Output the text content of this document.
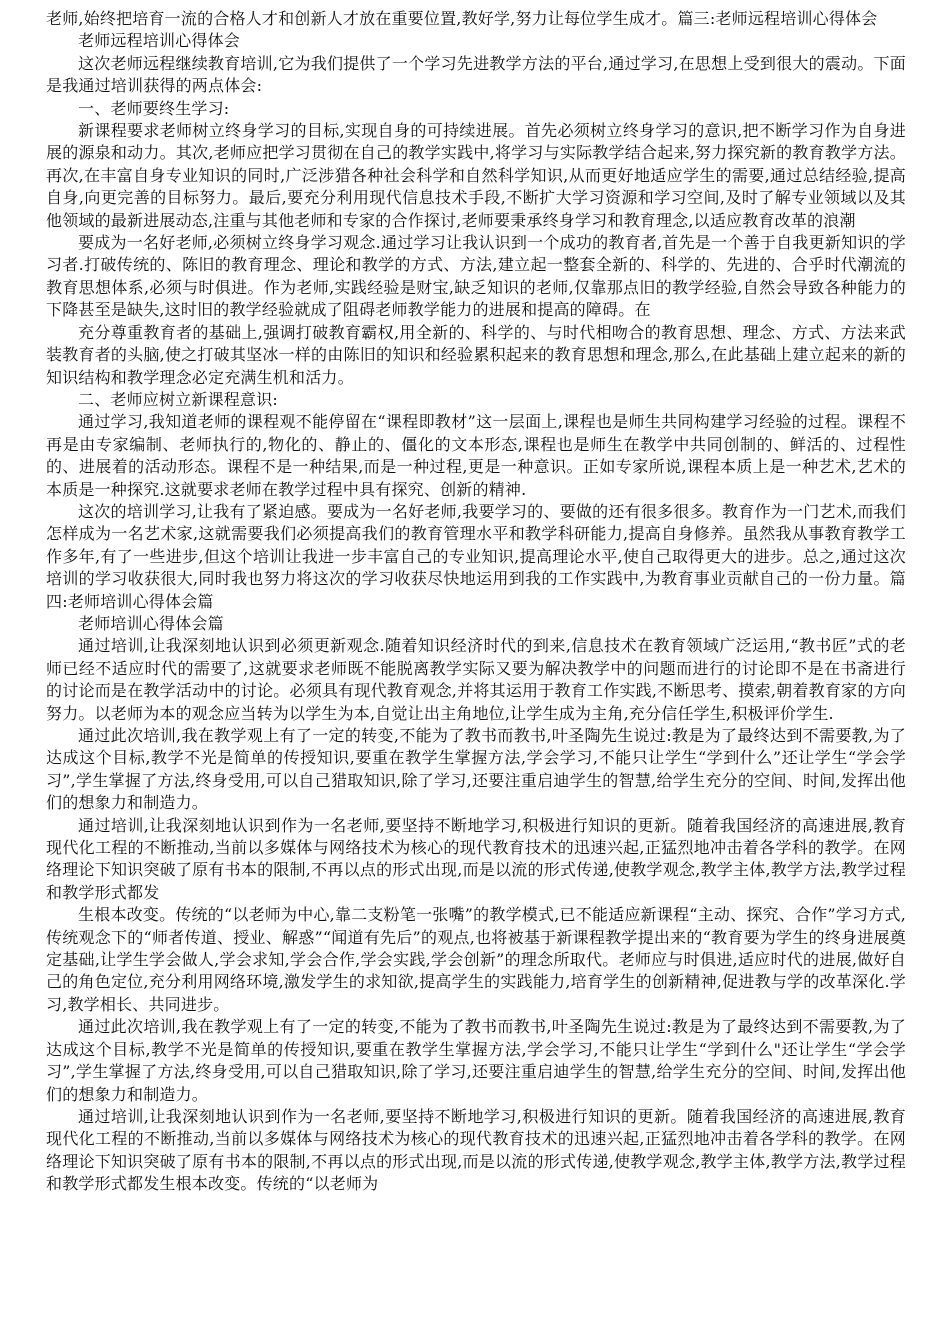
老师,始终把培育一流的合格人才和创新人才放在重要位置,教好学,努力让每位学生成才。篇三:老师远程培训心得体会

老师远程培训心得体会

这次老师远程继续教育培训,它为我们提供了一个学习先进教学方法的平台,通过学习,在思想上受到很大的震动。下面是我通过培训获得的两点体会:

一、老师要终生学习:

新课程要求老师树立终身学习的目标,实现自身的可持续进展。首先必须树立终身学习的意识,把不断学习作为自身进展的源泉和动力。其次,老师应把学习贯彻在自己的教学实践中,将学习与实际教学结合起来,努力探究新的教育教学方法。再次,在丰富自身专业知识的同时,广泛涉猎各种社会科学和自然科学知识,从而更好地适应学生的需要,通过总结经验,提高自身,向更完善的目标努力。最后,要充分利用现代信息技术手段,不断扩大学习资源和学习空间,及时了解专业领域以及其他领域的最新进展动态,注重与其他老师和专家的合作探讨,老师要秉承终身学习和教育理念,以适应教育改革的浪潮

要成为一名好老师,必须树立终身学习观念.通过学习让我认识到一个成功的教育者,首先是一个善于自我更新知识的学习者.打破传统的、陈旧的教育理念、理论和教学的方式、方法,建立起一整套全新的、科学的、先进的、合乎时代潮流的教育思想体系,必须与时俱进。作为老师,实践经验是财宝,缺乏知识的老师,仅靠那点旧的教学经验,自然会导致各种能力的下降甚至是缺失,这时旧的教学经验就成了阻碍老师教学能力的进展和提高的障碍。在

充分尊重教育者的基础上,强调打破教育霸权,用全新的、科学的、与时代相吻合的教育思想、理念、方式、方法来武装教育者的头脑,使之打破其坚冰一样的由陈旧的知识和经验累积起来的教育思想和理念,那么,在此基础上建立起来的新的知识结构和教学理念必定充满生机和活力。

二、老师应树立新课程意识:

通过学习,我知道老师的课程观不能停留在“课程即教材”这一层面上,课程也是师生共同构建学习经验的过程。课程不再是由专家编制、老师执行的,物化的、静止的、僵化的文本形态,课程也是师生在教学中共同创制的、鲜活的、过程性的、进展着的活动形态。课程不是一种结果,而是一种过程,更是一种意识。正如专家所说,课程本质上是一种艺术,艺术的本质是一种探究.这就要求老师在教学过程中具有探究、创新的精神.

这次的培训学习,让我有了紧迫感。要成为一名好老师,我要学习的、要做的还有很多很多。教育作为一门艺术,而我们怎样成为一名艺术家,这就需要我们必须提高我们的教育管理水平和教学科研能力,提高自身修养。虽然我从事教育教学工作多年,有了一些进步,但这个培训让我进一步丰富自己的专业知识,提高理论水平,使自己取得更大的进步。总之,通过这次培训的学习收获很大,同时我也努力将这次的学习收获尽快地运用到我的工作实践中,为教育事业贡献自己的一份力量。篇四:老师培训心得体会篇

老师培训心得体会篇

通过培训,让我深刻地认识到必须更新观念.随着知识经济时代的到来,信息技术在教育领域广泛运用,“教书匠”式的老师已经不适应时代的需要了,这就要求老师既不能脱离教学实际又要为解决教学中的问题而进行的讨论即不是在书斋进行的讨论而是在教学活动中的讨论。必须具有现代教育观念,并将其运用于教育工作实践,不断思考、摸索,朝着教育家的方向努力。以老师为本的观念应当转为以学生为本,自觉让出主角地位,让学生成为主角,充分信任学生,积极评价学生.

通过此次培训,我在教学观上有了一定的转变,不能为了教书而教书,叶圣陶先生说过:教是为了最终达到不需要教,为了达成这个目标,教学不光是简单的传授知识,要重在教学生掌握方法,学会学习,不能只让学生“学到什么”还让学生“学会学习”,学生掌握了方法,终身受用,可以自己猎取知识,除了学习,还要注重启迪学生的智慧,给学生充分的空间、时间,发挥出他们的想象力和制造力。

通过培训,让我深刻地认识到作为一名老师,要坚持不断地学习,积极进行知识的更新。随着我国经济的高速进展,教育现代化工程的不断推动,当前以多媒体与网络技术为核心的现代教育技术的迅速兴起,正猛烈地冲击着各学科的教学。在网络理论下知识突破了原有书本的限制,不再以点的形式出现,而是以流的形式传递,使教学观念,教学主体,教学方法,教学过程和教学形式都发

生根本改变。传统的“以老师为中心,靠二支粉笔一张嘴”的教学模式,已不能适应新课程“主动、探究、合作”学习方式,传统观念下的“师者传道、授业、解惑”“闻道有先后”的观点,也将被基于新课程教学提出来的“教育要为学生的终身进展奠定基础,让学生学会做人,学会求知,学会合作,学会实践,学会创新”的理念所取代。老师应与时俱进,适应时代的进展,做好自己的角色定位,充分利用网络环境,激发学生的求知欲,提高学生的实践能力,培育学生的创新精神,促进教与学的改革深化.学习,教学相长、共同进步。

通过此次培训,我在教学观上有了一定的转变,不能为了教书而教书,叶圣陶先生说过:教是为了最终达到不需要教,为了达成这个目标,教学不光是简单的传授知识,要重在教学生掌握方法,学会学习,不能只让学生“学到什么"还让学生“学会学习”,学生掌握了方法,终身受用,可以自己猎取知识,除了学习,还要注重启迪学生的智慧,给学生充分的空间、时间,发挥出他们的想象力和制造力。

通过培训,让我深刻地认识到作为一名老师,要坚持不断地学习,积极进行知识的更新。随着我国经济的高速进展,教育现代化工程的不断推动,当前以多媒体与网络技术为核心的现代教育技术的迅速兴起,正猛烈地冲击着各学科的教学。在网络理论下知识突破了原有书本的限制,不再以点的形式出现,而是以流的形式传递,使教学观念,教学主体,教学方法,教学过程和教学形式都发生根本改变。传统的“以老师为
